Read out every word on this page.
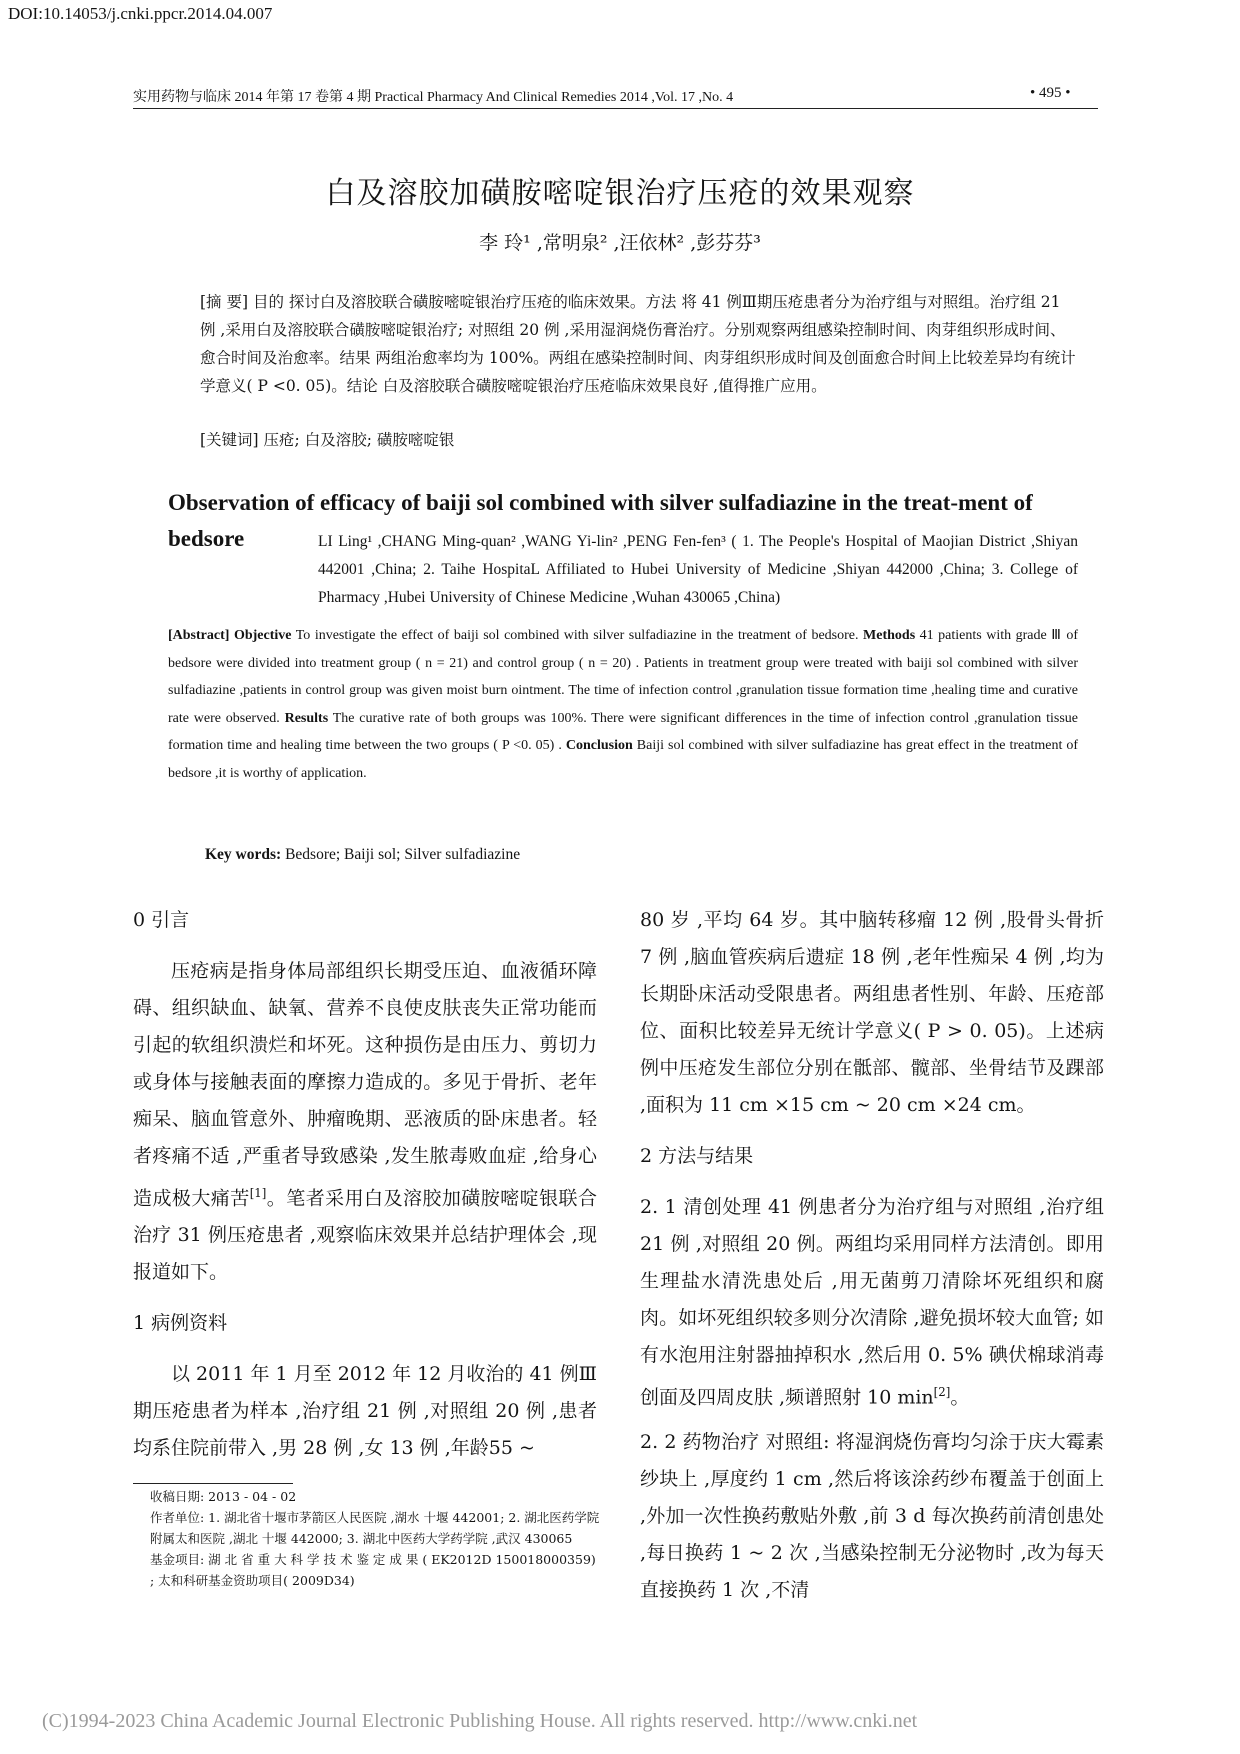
DOI:10.14053/j.cnki.ppcr.2014.04.007
实用药物与临床 2014 年第 17 卷第 4 期 Practical Pharmacy And Clinical Remedies 2014 ,Vol. 17 ,No. 4	• 495 •
白及溶胶加磺胺嘧啶银治疗压疮的效果观察
李 玲¹ ,常明泉² ,汪依林² ,彭芬芬³

[摘 要] 目的 探讨白及溶胶联合磺胺嘧啶银治疗压疮的临床效果。方法 将 41 例Ⅲ期压疮患者分为治疗组与对照组。治疗组 21 例 ,采用白及溶胶联合磺胺嘧啶银治疗; 对照组 20 例 ,采用湿润烧伤膏治疗。分别观察两组感染控制时间、肉芽组织形成时间、愈合时间及治愈率。结果 两组治愈率均为 100%。两组在感染控制时间、肉芽组织形成时间及创面愈合时间上比较差异均有统计学意义( P <0. 05)。结论 白及溶胶联合磺胺嘧啶银治疗压疮临床效果良好 ,值得推广应用。

[关键词] 压疮; 白及溶胶; 磺胺嘧啶银
Observation of efficacy of baiji sol combined with silver sulfadiazine in the treat-ment of bedsore	LI Ling¹ ,CHANG Ming-quan² ,WANG Yi-lin² ,PENG Fen-fen³ ( 1. The People's Hospital of Maojian District ,Shiyan 442001 ,China; 2. Taihe HospitaL Affiliated to Hubei University of Medicine ,Shiyan 442000 ,China; 3. College of Pharmacy ,Hubei University of Chinese Medicine ,Wuhan 430065 ,China)
[Abstract] Objective To investigate the effect of baiji sol combined with silver sulfadiazine in the treatment of bedsore. Methods 41 patients with grade Ⅲ of bedsore were divided into treatment group ( n = 21) and control group ( n = 20) . Patients in treatment group were treated with baiji sol combined with silver sulfadiazine ,patients in control group was given moist burn ointment. The time of infection control ,granulation tissue formation time ,healing time and curative rate were observed. Results The curative rate of both groups was 100%. There were significant differences in the time of infection control ,granulation tissue formation time and healing time between the two groups ( P <0. 05) . Conclusion Baiji sol combined with silver sulfadiazine has great effect in the treatment of bedsore ,it is worthy of application.
Key words: Bedsore; Baiji sol; Silver sulfadiazine
0 引言
压疮病是指身体局部组织长期受压迫、血液循环障碍、组织缺血、缺氧、营养不良使皮肤丧失正常功能而引起的软组织溃烂和坏死。这种损伤是由压力、剪切力或身体与接触表面的摩擦力造成的。多见于骨折、老年痴呆、脑血管意外、肿瘤晚期、恶液质的卧床患者。轻者疼痛不适 ,严重者导致感染 ,发生脓毒败血症 ,给身心造成极大痛苦[1]。笔者采用白及溶胶加磺胺嘧啶银联合治疗 31 例压疮患者 ,观察临床效果并总结护理体会 ,现报道如下。
1 病例资料
以 2011 年 1 月至 2012 年 12 月收治的 41 例Ⅲ期压疮患者为样本 ,治疗组 21 例 ,对照组 20 例 ,患者均系住院前带入 ,男 28 例 ,女 13 例 ,年龄55 ~
80 岁 ,平均 64 岁。其中脑转移瘤 12 例 ,股骨头骨折 7 例 ,脑血管疾病后遗症 18 例 ,老年性痴呆 4 例 ,均为长期卧床活动受限患者。两组患者性别、年龄、压疮部位、面积比较差异无统计学意义( P > 0. 05)。上述病例中压疮发生部位分别在骶部、髋部、坐骨结节及踝部 ,面积为 11 cm ×15 cm ~ 20 cm ×24 cm。
2 方法与结果
2. 1 清创处理 41 例患者分为治疗组与对照组 ,治疗组 21 例 ,对照组 20 例。两组均采用同样方法清创。即用生理盐水清洗患处后 ,用无菌剪刀清除坏死组织和腐肉。如坏死组织较多则分次清除 ,避免损坏较大血管; 如有水泡用注射器抽掉积水 ,然后用 0. 5% 碘伏棉球消毒创面及四周皮肤 ,频谱照射 10 min[2]。
2. 2 药物治疗 对照组: 将湿润烧伤膏均匀涂于庆大霉素纱块上 ,厚度约 1 cm ,然后将该涂药纱布覆盖于创面上 ,外加一次性换药敷贴外敷 ,前 3 d 每次换药前清创患处 ,每日换药 1 ~ 2 次 ,当感染控制无分泌物时 ,改为每天直接换药 1 次 ,不清
收稿日期: 2013 - 04 - 02
作者单位: 1. 湖北省十堰市茅箭区人民医院 ,湖水 十堰 442001; 2. 湖北医药学院附属太和医院 ,湖北 十堰 442000; 3. 湖北中医药大学药学院 ,武汉 430065
基金项目: 湖 北 省 重 大 科 学 技 术 鉴 定 成 果 ( EK2012D 150018000359) ; 太和科研基金资助项目( 2009D34)
(C)1994-2023 China Academic Journal Electronic Publishing House. All rights reserved. http://www.cnki.net
